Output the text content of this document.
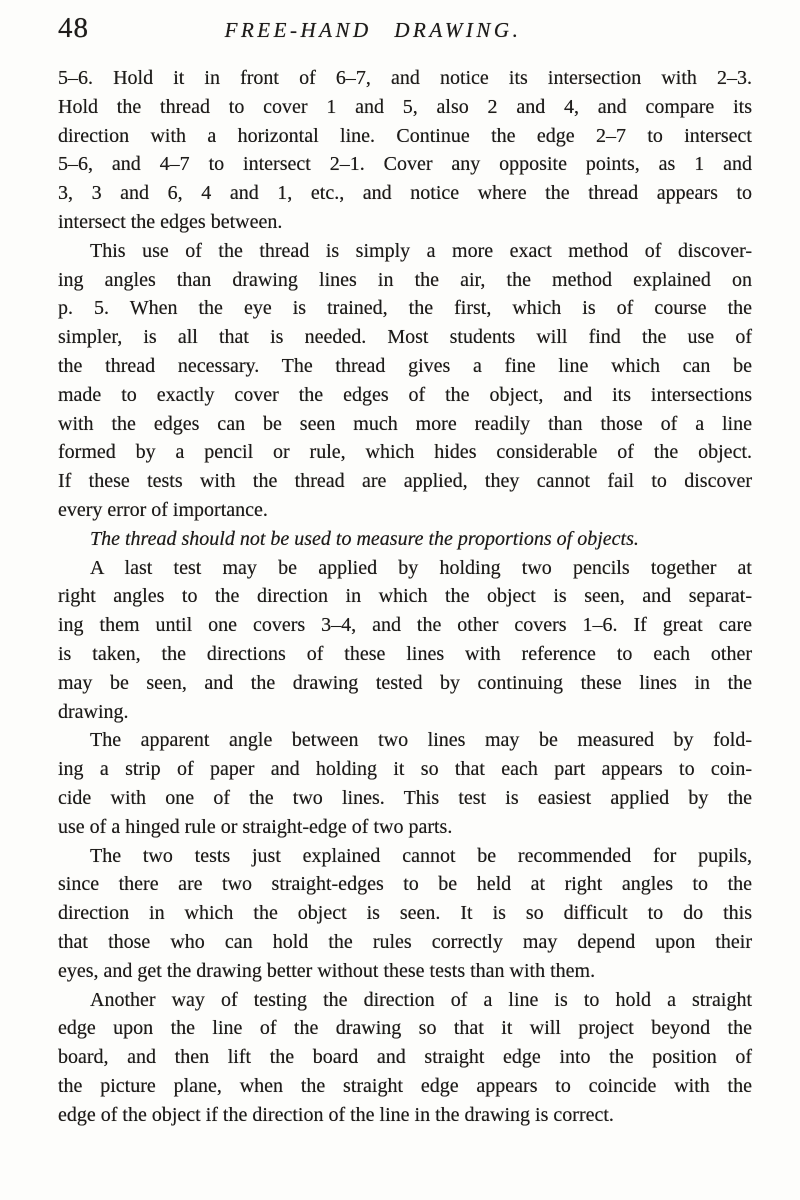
48	FREE-HAND DRAWING.

5–6. Hold it in front of 6–7, and notice its intersection with 2–3.
Hold the thread to cover 1 and 5, also 2 and 4, and compare its
direction with a horizontal line. Continue the edge 2–7 to intersect
5–6, and 4–7 to intersect 2–1. Cover any opposite points, as 1 and
3, 3 and 6, 4 and 1, etc., and notice where the thread appears to
intersect the edges between.

This use of the thread is simply a more exact method of discover-
ing angles than drawing lines in the air, the method explained on
p. 5. When the eye is trained, the first, which is of course the
simpler, is all that is needed. Most students will find the use of
the thread necessary. The thread gives a fine line which can be
made to exactly cover the edges of the object, and its intersections
with the edges can be seen much more readily than those of a line
formed by a pencil or rule, which hides considerable of the object.
If these tests with the thread are applied, they cannot fail to discover
every error of importance.

The thread should not be used to measure the proportions of objects.

A last test may be applied by holding two pencils together at
right angles to the direction in which the object is seen, and separat-
ing them until one covers 3–4, and the other covers 1–6. If great care
is taken, the directions of these lines with reference to each other
may be seen, and the drawing tested by continuing these lines in the
drawing.

The apparent angle between two lines may be measured by fold-
ing a strip of paper and holding it so that each part appears to coin-
cide with one of the two lines. This test is easiest applied by the
use of a hinged rule or straight-edge of two parts.

The two tests just explained cannot be recommended for pupils,
since there are two straight-edges to be held at right angles to the
direction in which the object is seen. It is so difficult to do this
that those who can hold the rules correctly may depend upon their
eyes, and get the drawing better without these tests than with them.

Another way of testing the direction of a line is to hold a straight
edge upon the line of the drawing so that it will project beyond the
board, and then lift the board and straight edge into the position of
the picture plane, when the straight edge appears to coincide with the
edge of the object if the direction of the line in the drawing is correct.
